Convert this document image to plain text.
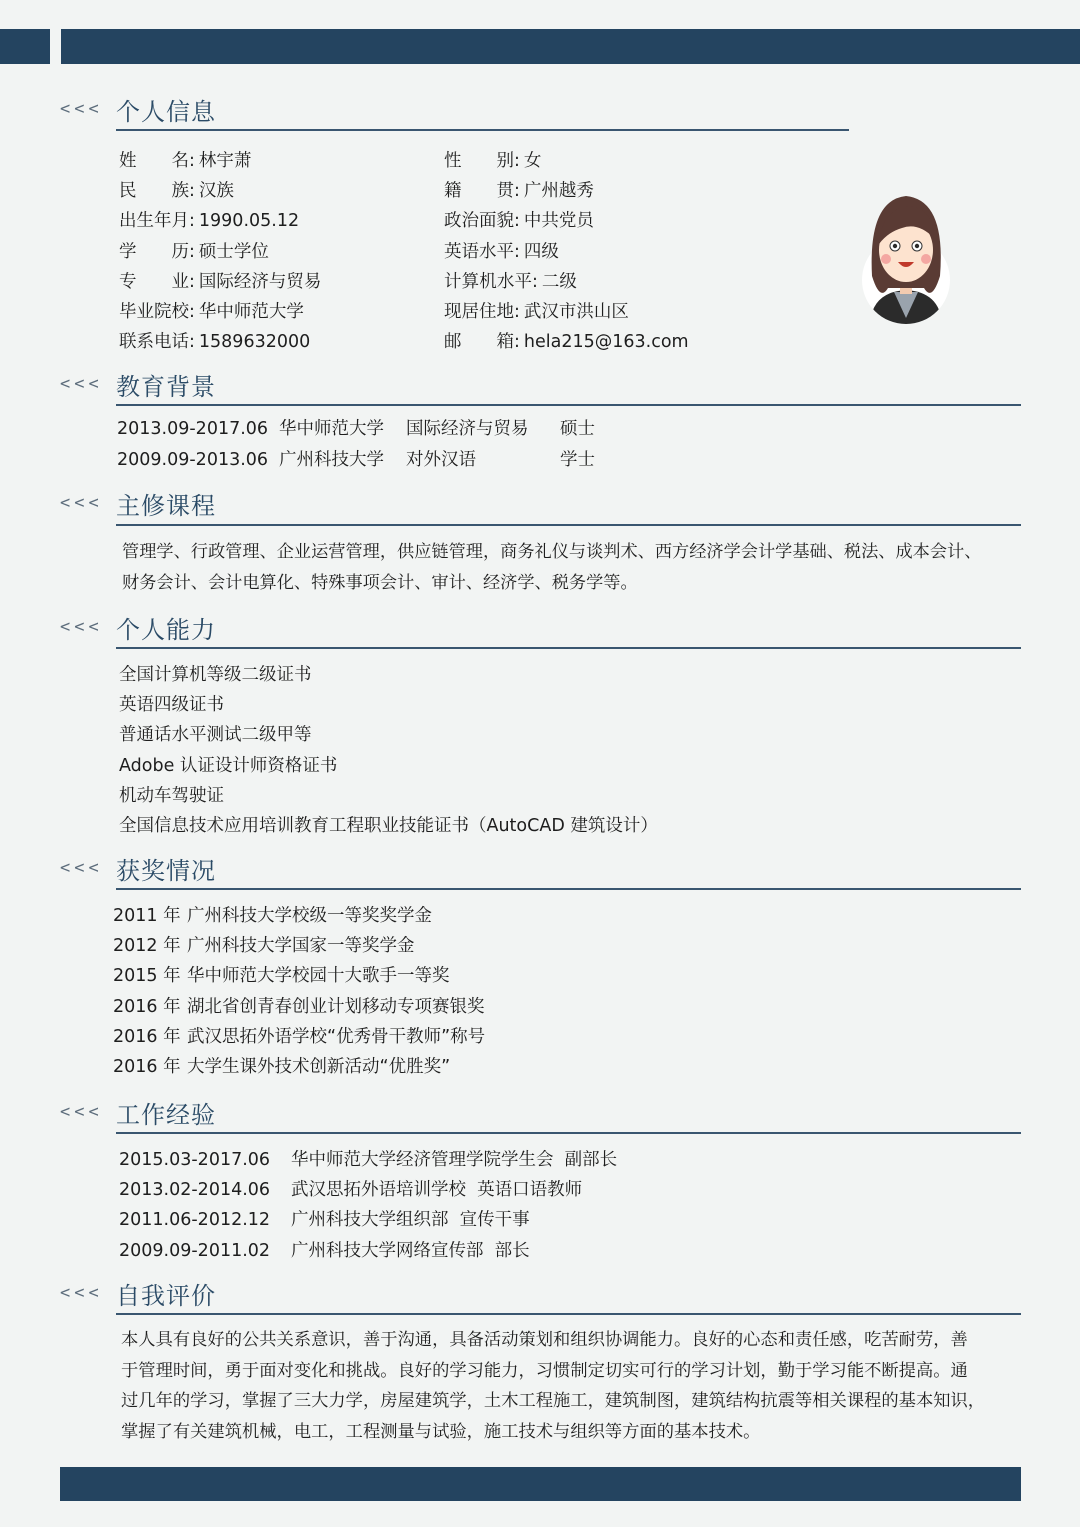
<<< 个人信息
姓名: 林宇萧
民族: 汉族
出生年月: 1990.05.12
学历: 硕士学位
专业: 国际经济与贸易
毕业院校: 华中师范大学
联系电话: 1589632000
性别: 女
籍贯: 广州越秀
政治面貌: 中共党员
英语水平: 四级
计算机水平: 二级
现居住地: 武汉市洪山区
邮箱: hela215@163.com
<<< 教育背景
2013.09-2017.06 华中师范大学 国际经济与贸易 硕士
2009.09-2013.06 广州科技大学 对外汉语	学士
<<< 主修课程
管理学、行政管理、企业运营管理，供应链管理，商务礼仪与谈判术、西方经济学会计学基础、税法、成本会计、
财务会计、会计电算化、特殊事项会计、审计、经济学、税务学等。
<<< 个人能力
全国计算机等级二级证书
英语四级证书
普通话水平测试二级甲等
Adobe 认证设计师资格证书
机动车驾驶证
全国信息技术应用培训教育工程职业技能证书（AutoCAD 建筑设计）
<<< 获奖情况
2011 年 广州科技大学校级一等奖奖学金
2012 年 广州科技大学国家一等奖学金
2015 年 华中师范大学校园十大歌手一等奖
2016 年 湖北省创青春创业计划移动专项赛银奖
2016 年 武汉思拓外语学校“优秀骨干教师”称号
2016 年 大学生课外技术创新活动“优胜奖”
<<< 工作经验
2015.03-2017.06 华中师范大学经济管理学院学生会  副部长
2013.02-2014.06 武汉思拓外语培训学校  英语口语教师
2011.06-2012.12 广州科技大学组织部  宣传干事
2009.09-2011.02 广州科技大学网络宣传部  部长
<<< 自我评价
本人具有良好的公共关系意识，善于沟通，具备活动策划和组织协调能力。良好的心态和责任感，吃苦耐劳，善
于管理时间，勇于面对变化和挑战。良好的学习能力，习惯制定切实可行的学习计划，勤于学习能不断提高。通
过几年的学习，掌握了三大力学，房屋建筑学，土木工程施工，建筑制图，建筑结构抗震等相关课程的基本知识，
掌握了有关建筑机械，电工，工程测量与试验，施工技术与组织等方面的基本技术。
